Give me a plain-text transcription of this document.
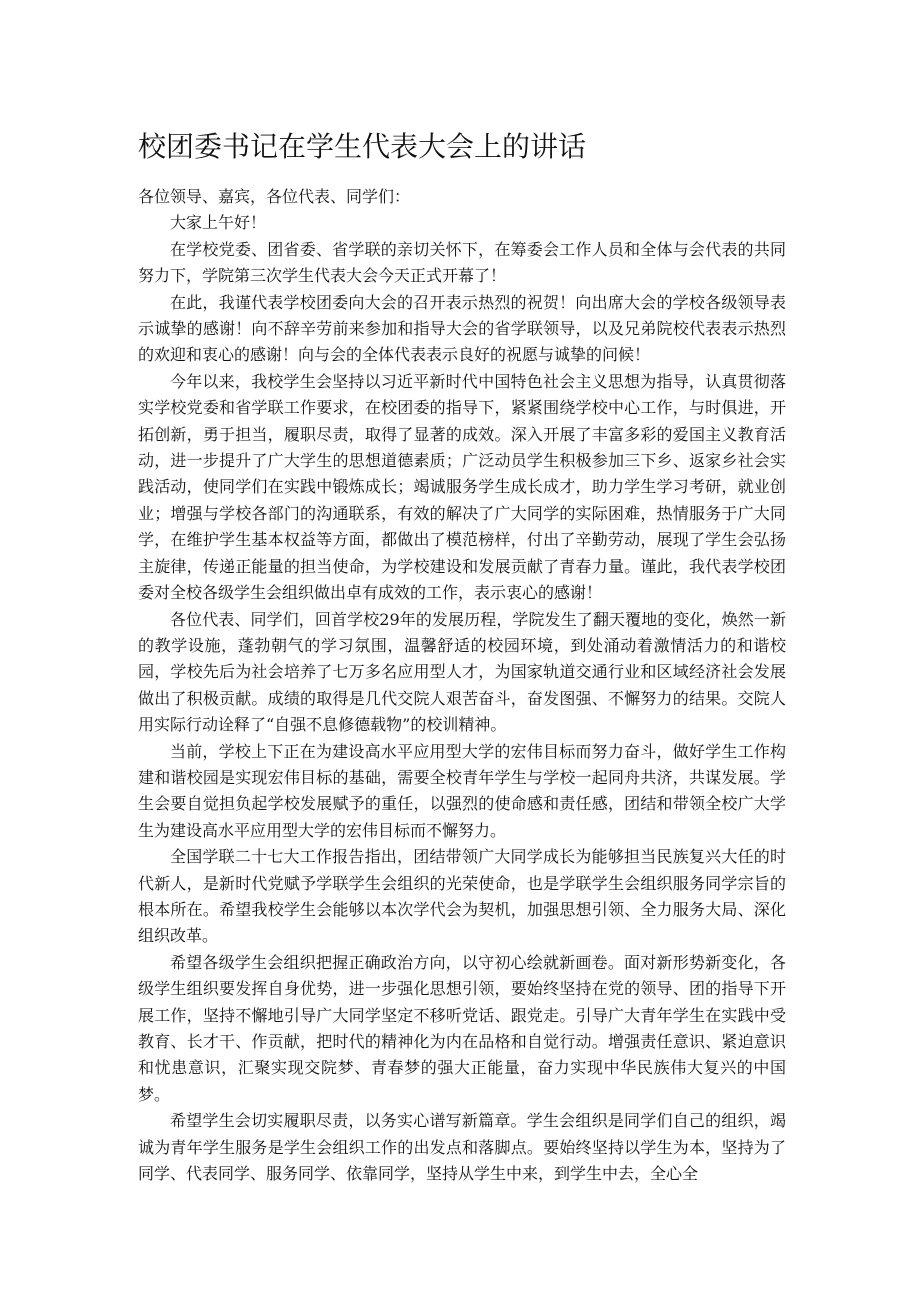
校团委书记在学生代表大会上的讲话

各位领导、嘉宾，各位代表、同学们：

大家上午好！

在学校党委、团省委、省学联的亲切关怀下，在筹委会工作人员和全体与会代表的共同努力下，学院第三次学生代表大会今天正式开幕了！

在此，我谨代表学校团委向大会的召开表示热烈的祝贺！向出席大会的学校各级领导表示诚挚的感谢！向不辞辛劳前来参加和指导大会的省学联领导，以及兄弟院校代表表示热烈的欢迎和衷心的感谢！向与会的全体代表表示良好的祝愿与诚挚的问候！

今年以来，我校学生会坚持以习近平新时代中国特色社会主义思想为指导，认真贯彻落实学校党委和省学联工作要求，在校团委的指导下，紧紧围绕学校中心工作，与时俱进，开拓创新，勇于担当，履职尽责，取得了显著的成效。深入开展了丰富多彩的爱国主义教育活动，进一步提升了广大学生的思想道德素质；广泛动员学生积极参加三下乡、返家乡社会实践活动，使同学们在实践中锻炼成长；竭诚服务学生成长成才，助力学生学习考研，就业创业；增强与学校各部门的沟通联系，有效的解决了广大同学的实际困难，热情服务于广大同学，在维护学生基本权益等方面，都做出了模范榜样，付出了辛勤劳动，展现了学生会弘扬主旋律，传递正能量的担当使命，为学校建设和发展贡献了青春力量。谨此，我代表学校团委对全校各级学生会组织做出卓有成效的工作，表示衷心的感谢！

各位代表、同学们，回首学校29年的发展历程，学院发生了翻天覆地的变化，焕然一新的教学设施，蓬勃朝气的学习氛围，温馨舒适的校园环境，到处涌动着激情活力的和谐校园，学校先后为社会培养了七万多名应用型人才，为国家轨道交通行业和区域经济社会发展做出了积极贡献。成绩的取得是几代交院人艰苦奋斗，奋发图强、不懈努力的结果。交院人用实际行动诠释了“自强不息修德载物”的校训精神。

当前，学校上下正在为建设高水平应用型大学的宏伟目标而努力奋斗，做好学生工作构建和谐校园是实现宏伟目标的基础，需要全校青年学生与学校一起同舟共济，共谋发展。学生会要自觉担负起学校发展赋予的重任，以强烈的使命感和责任感，团结和带领全校广大学生为建设高水平应用型大学的宏伟目标而不懈努力。

全国学联二十七大工作报告指出，团结带领广大同学成长为能够担当民族复兴大任的时代新人，是新时代党赋予学联学生会组织的光荣使命，也是学联学生会组织服务同学宗旨的根本所在。希望我校学生会能够以本次学代会为契机，加强思想引领、全力服务大局、深化组织改革。

希望各级学生会组织把握正确政治方向，以守初心绘就新画卷。面对新形势新变化，各级学生组织要发挥自身优势，进一步强化思想引领，要始终坚持在党的领导、团的指导下开展工作，坚持不懈地引导广大同学坚定不移听党话、跟党走。引导广大青年学生在实践中受教育、长才干、作贡献，把时代的精神化为内在品格和自觉行动。增强责任意识、紧迫意识和忧患意识，汇聚实现交院梦、青春梦的强大正能量，奋力实现中华民族伟大复兴的中国梦。

希望学生会切实履职尽责，以务实心谱写新篇章。学生会组织是同学们自己的组织，竭诚为青年学生服务是学生会组织工作的出发点和落脚点。要始终坚持以学生为本，坚持为了同学、代表同学、服务同学、依靠同学，坚持从学生中来，到学生中去，全心全
